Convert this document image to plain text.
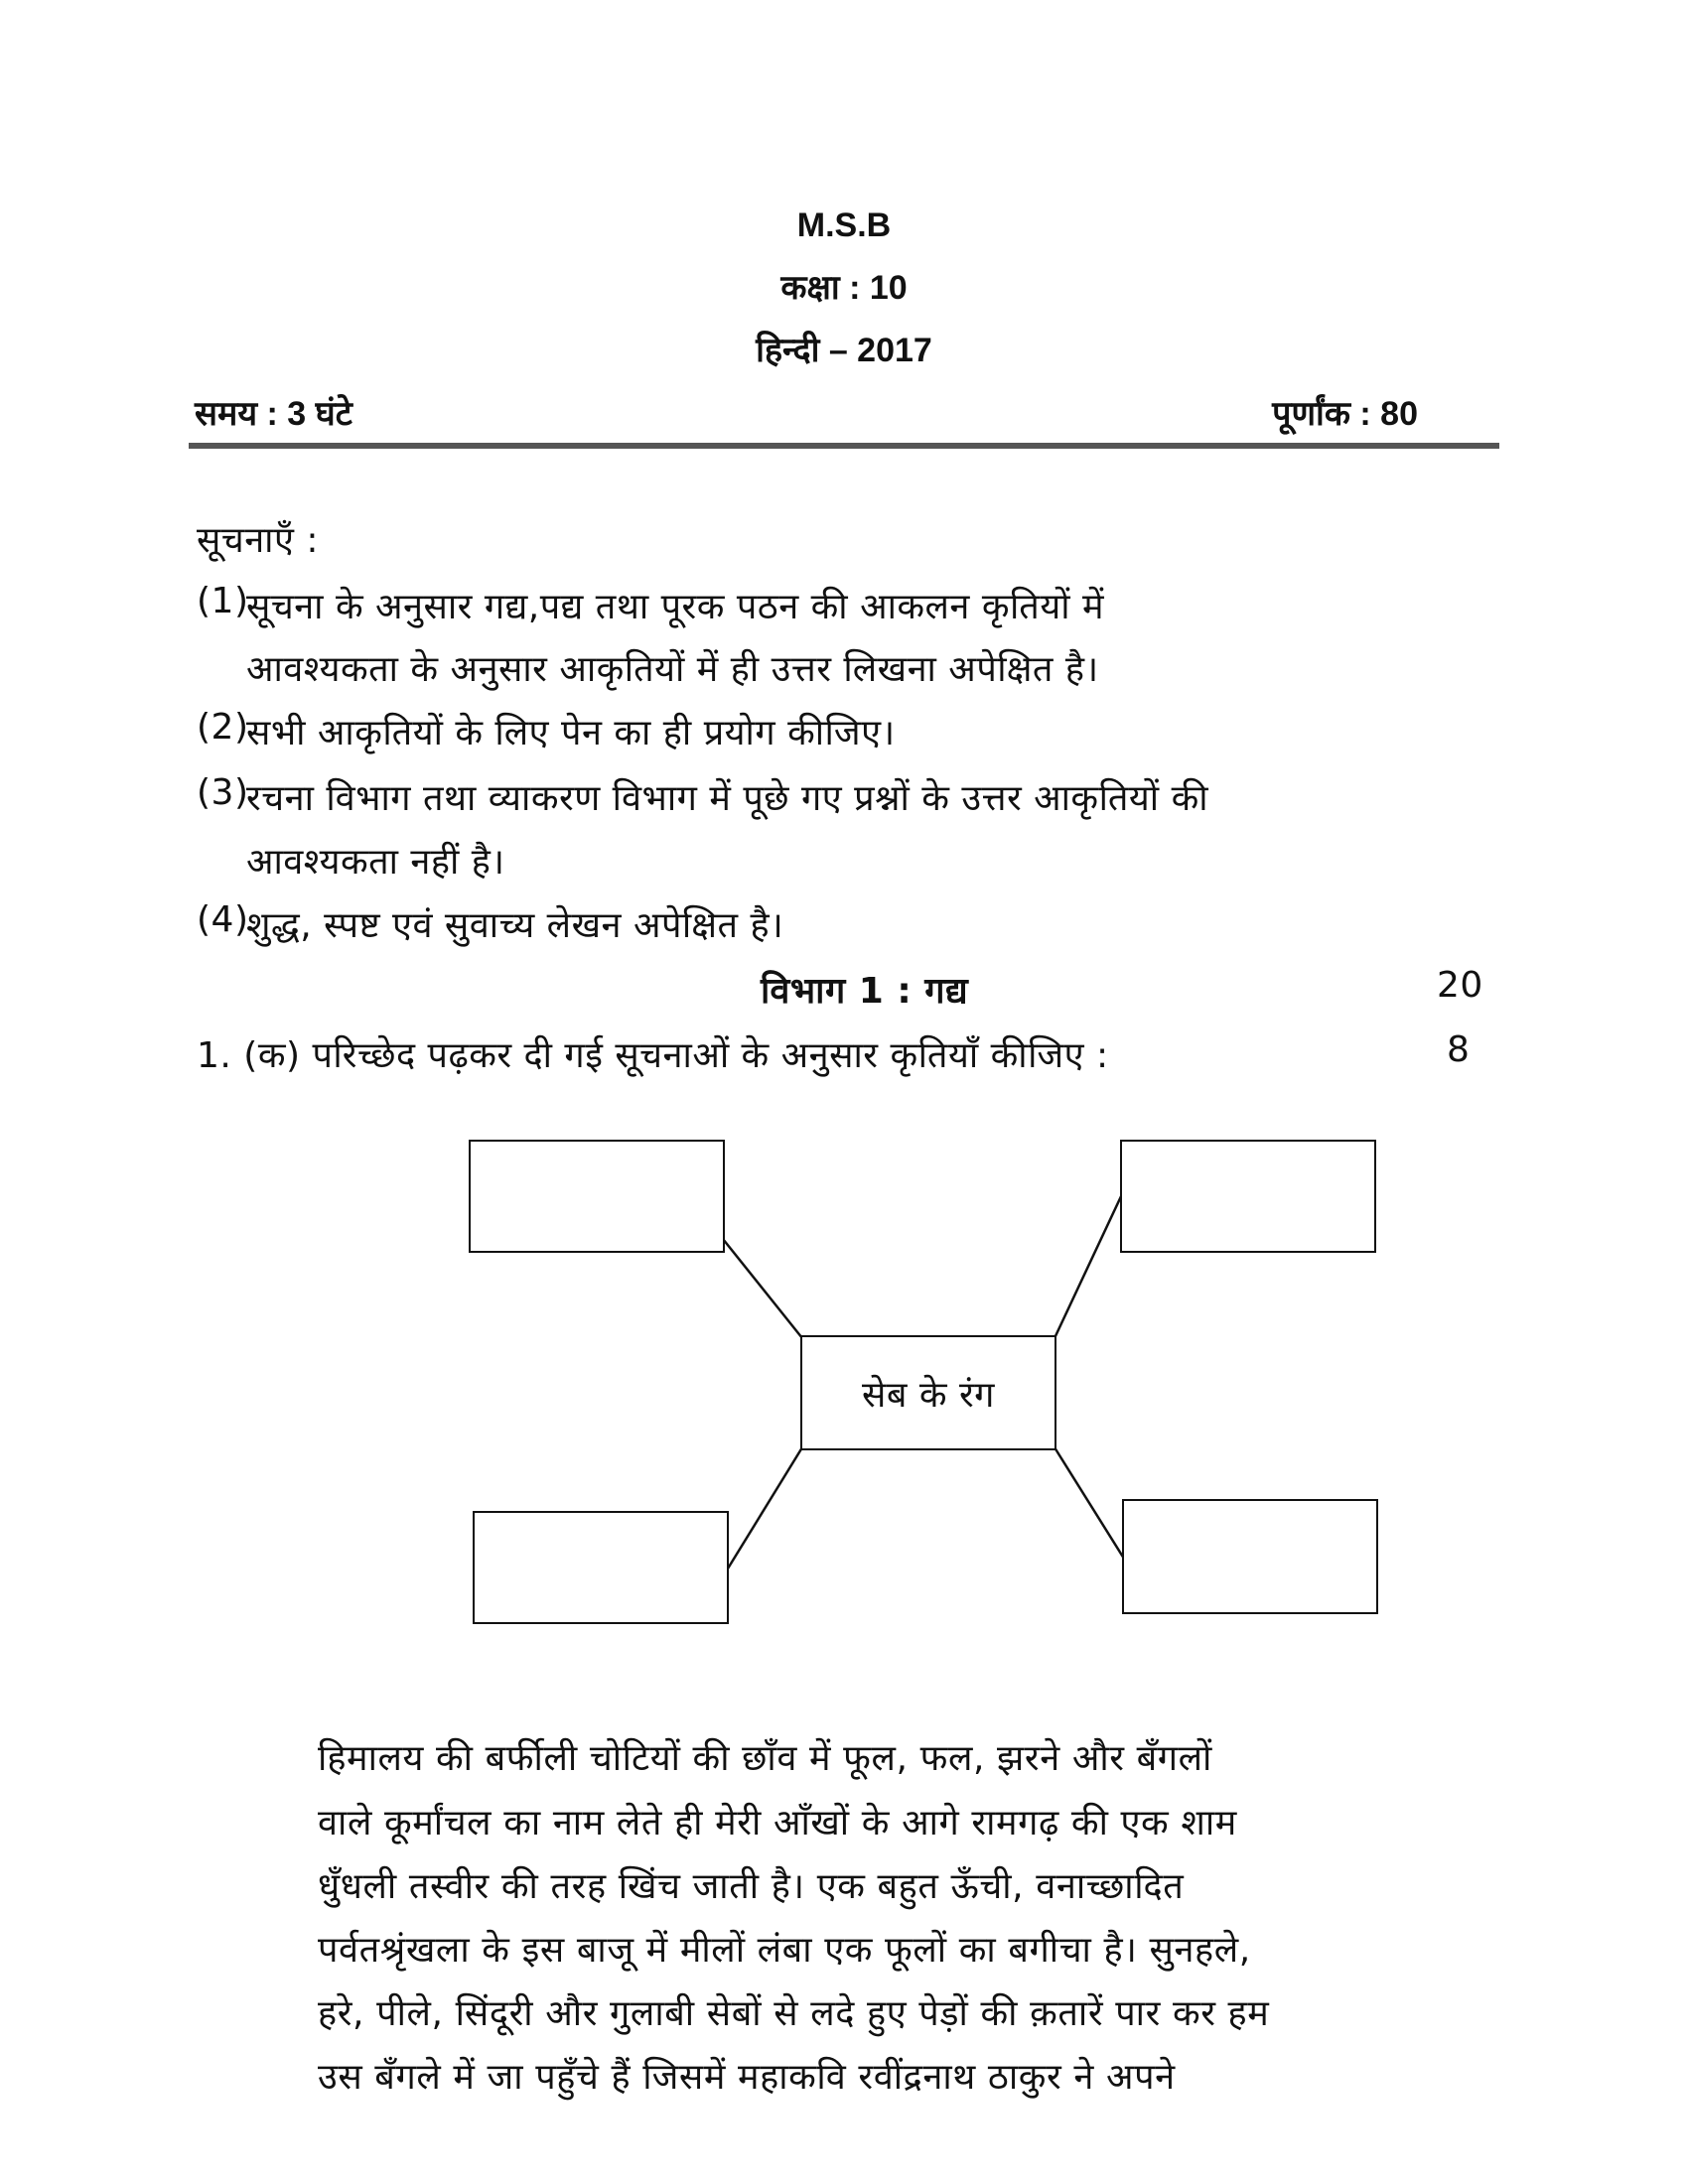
M.S.B
कक्षा : 10
हिन्दी – 2017
समय : 3 घंटे	पूर्णांक : 80
सूचनाएँ :
(1)
सूचना के अनुसार गद्य,पद्य तथा पूरक पठन की आकलन कृतियों में
आवश्यकता के अनुसार आकृतियों में ही उत्तर लिखना अपेक्षित है।
(2)
सभी आकृतियों के लिए पेन का ही प्रयोग कीजिए।
(3)
रचना विभाग तथा व्याकरण विभाग में पूछे गए प्रश्नों के उत्तर आकृतियों की
आवश्यकता नहीं है।
(4)
शुद्ध, स्पष्ट एवं सुवाच्य लेखन अपेक्षित है।
विभाग 1 : गद्य	20
1. (क) परिच्छेद पढ़कर दी गई सूचनाओं के अनुसार कृतियाँ कीजिए :	8
सेब के रंग
हिमालय की बर्फीली चोटियों की छाँव में फूल, फल, झरने और बँगलों
वाले कूर्मांचल का नाम लेते ही मेरी आँखों के आगे रामगढ़ की एक शाम
धुँधली तस्वीर की तरह खिंच जाती है। एक बहुत ऊँची, वनाच्छादित
पर्वतश्रृंखला के इस बाजू में मीलों लंबा एक फूलों का बगीचा है। सुनहले,
हरे, पीले, सिंदूरी और गुलाबी सेबों से लदे हुए पेड़ों की क़तारें पार कर हम
उस बँगले में जा पहुँचे हैं जिसमें महाकवि रवींद्रनाथ ठाकुर ने अपने
